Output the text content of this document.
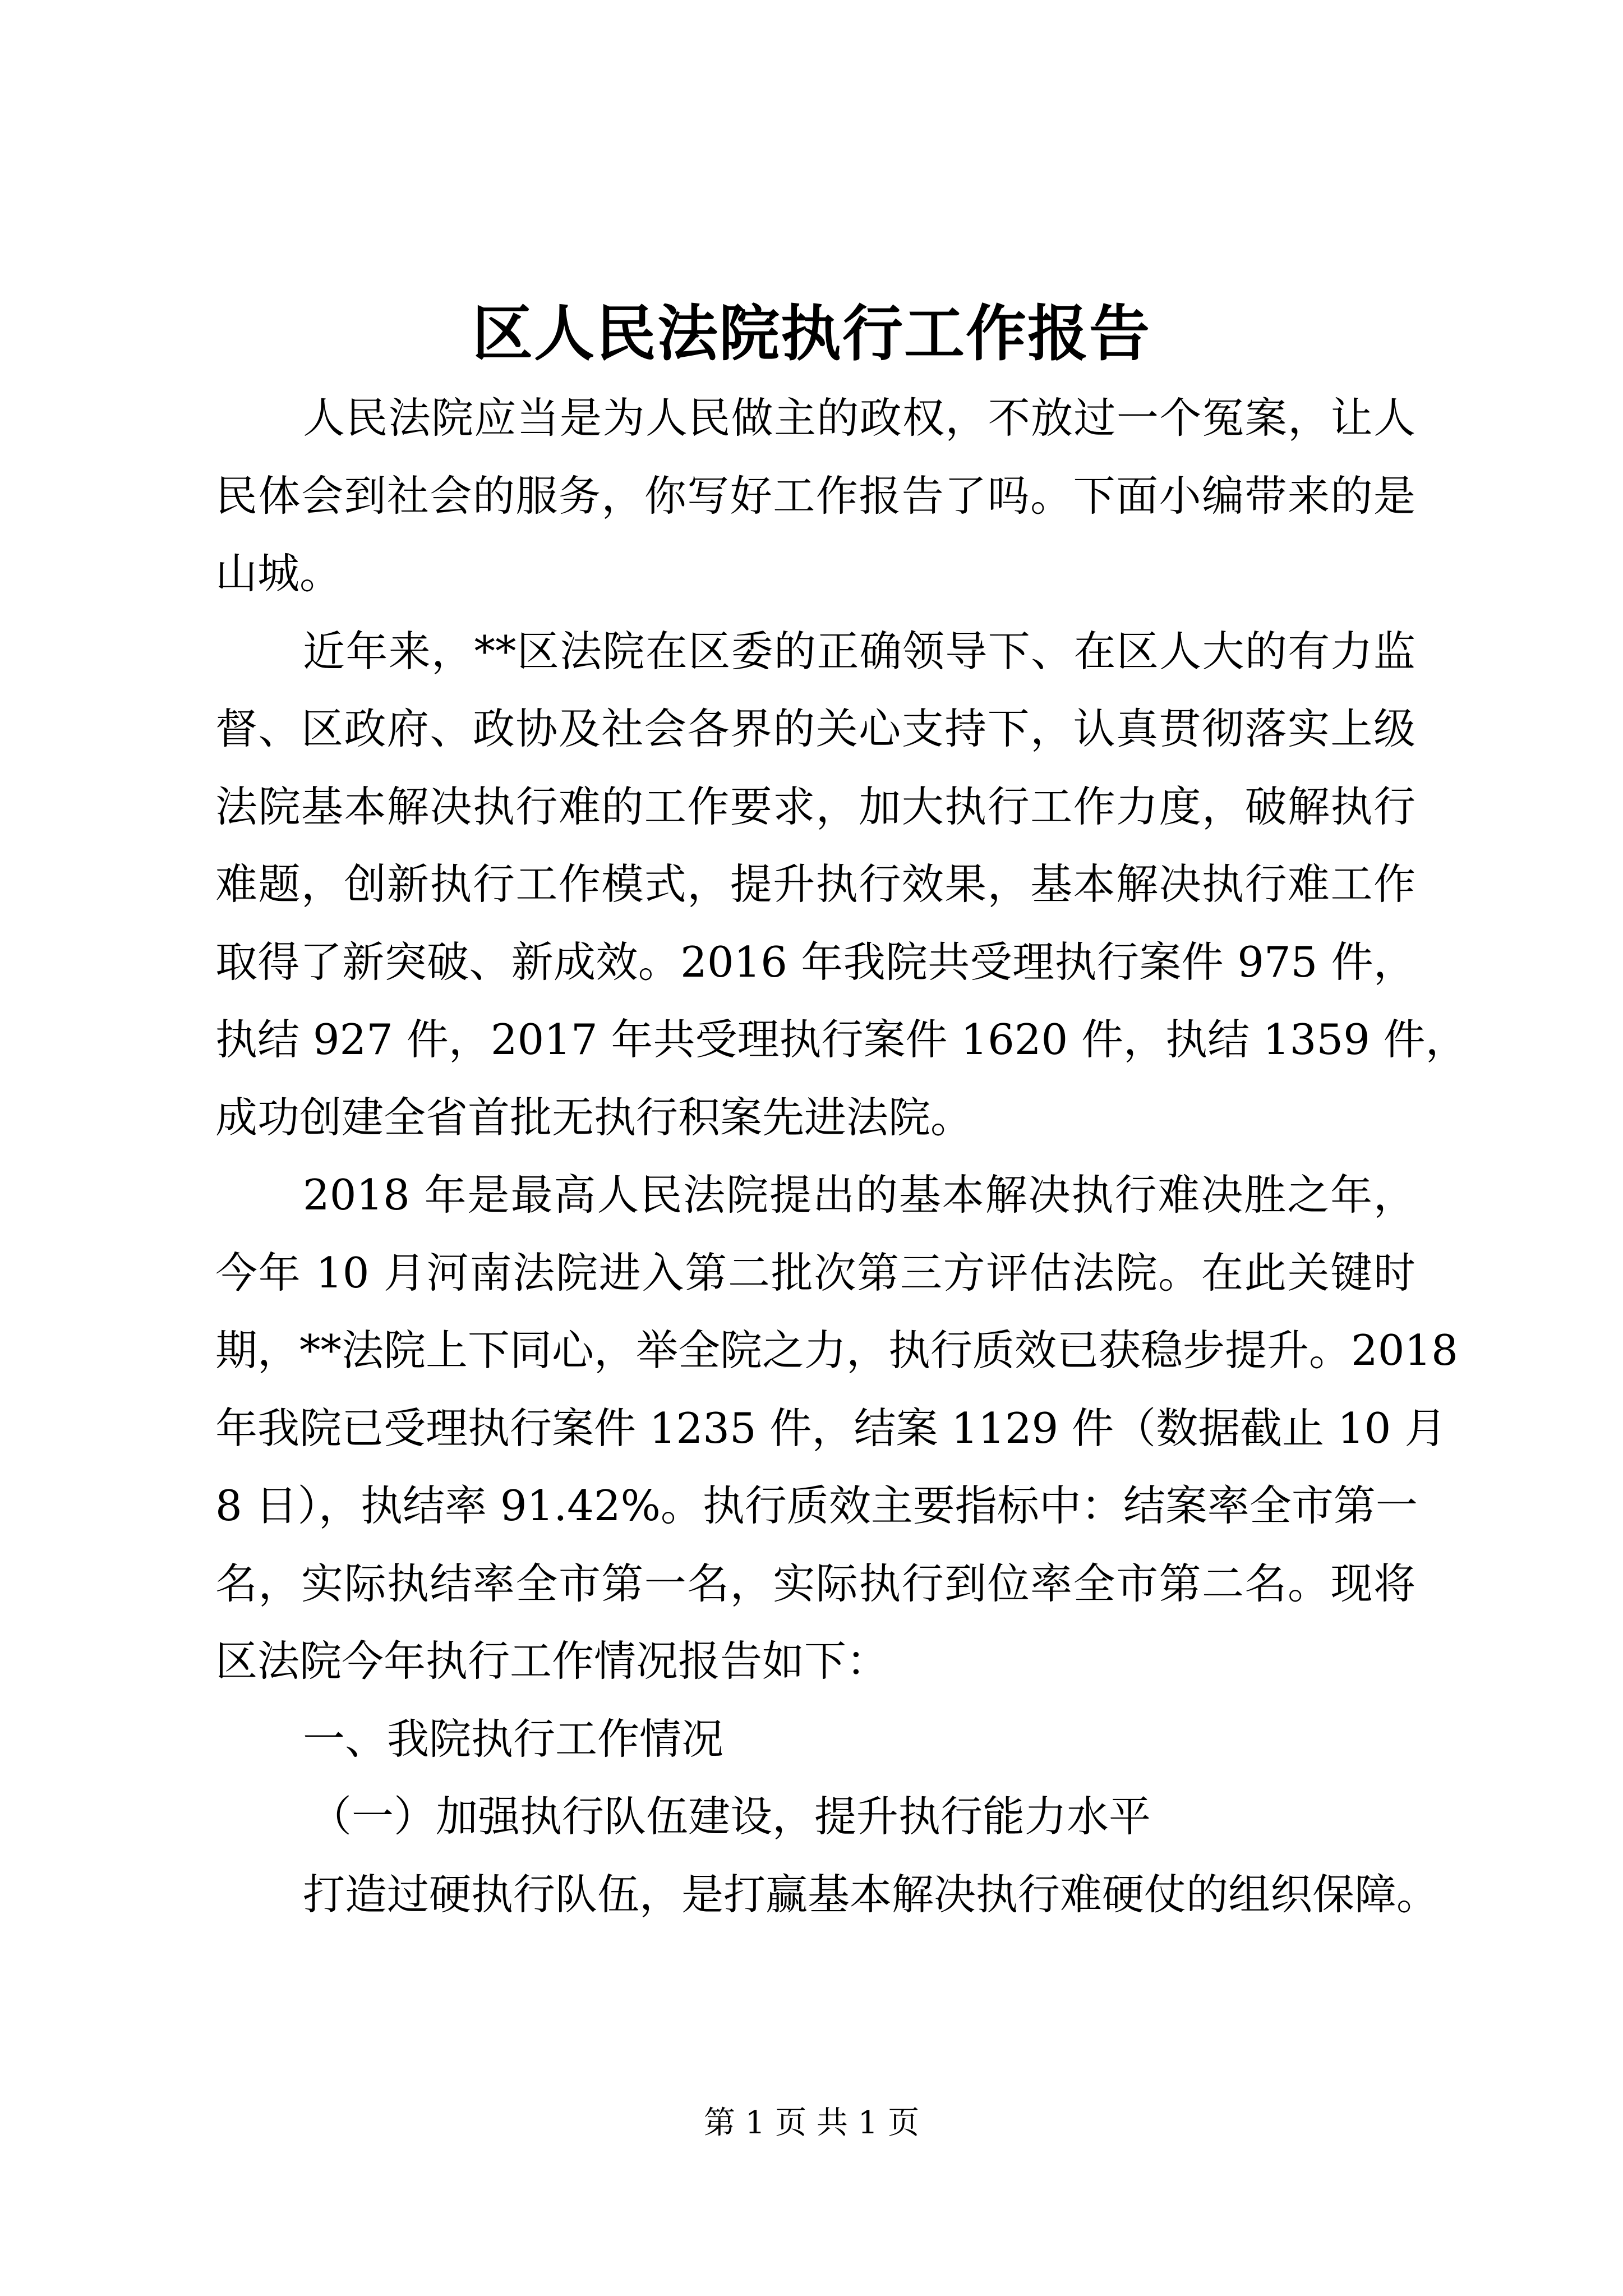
区人民法院执行工作报告
人民法院应当是为人民做主的政权，不放过一个冤案，让人
民体会到社会的服务，你写好工作报告了吗。下面小编带来的是
山城。
近年来，**区法院在区委的正确领导下、在区人大的有力监
督、区政府、政协及社会各界的关心支持下，认真贯彻落实上级
法院基本解决执行难的工作要求，加大执行工作力度，破解执行
难题，创新执行工作模式，提升执行效果，基本解决执行难工作
取得了新突破、新成效。2016 年我院共受理执行案件 975 件，
执结 927 件，2017 年共受理执行案件 1620 件，执结 1359 件，
成功创建全省首批无执行积案先进法院。
2018 年是最高人民法院提出的基本解决执行难决胜之年，
今年 10 月河南法院进入第二批次第三方评估法院。在此关键时
期，**法院上下同心，举全院之力，执行质效已获稳步提升。2018
年我院已受理执行案件 1235 件，结案 1129 件（数据截止 10 月
8 日），执结率 91.42%。执行质效主要指标中：结案率全市第一
名，实际执结率全市第一名，实际执行到位率全市第二名。现将
区法院今年执行工作情况报告如下：
一、我院执行工作情况
（一）加强执行队伍建设，提升执行能力水平
打造过硬执行队伍，是打赢基本解决执行难硬仗的组织保障。
第 1 页 共 1 页
